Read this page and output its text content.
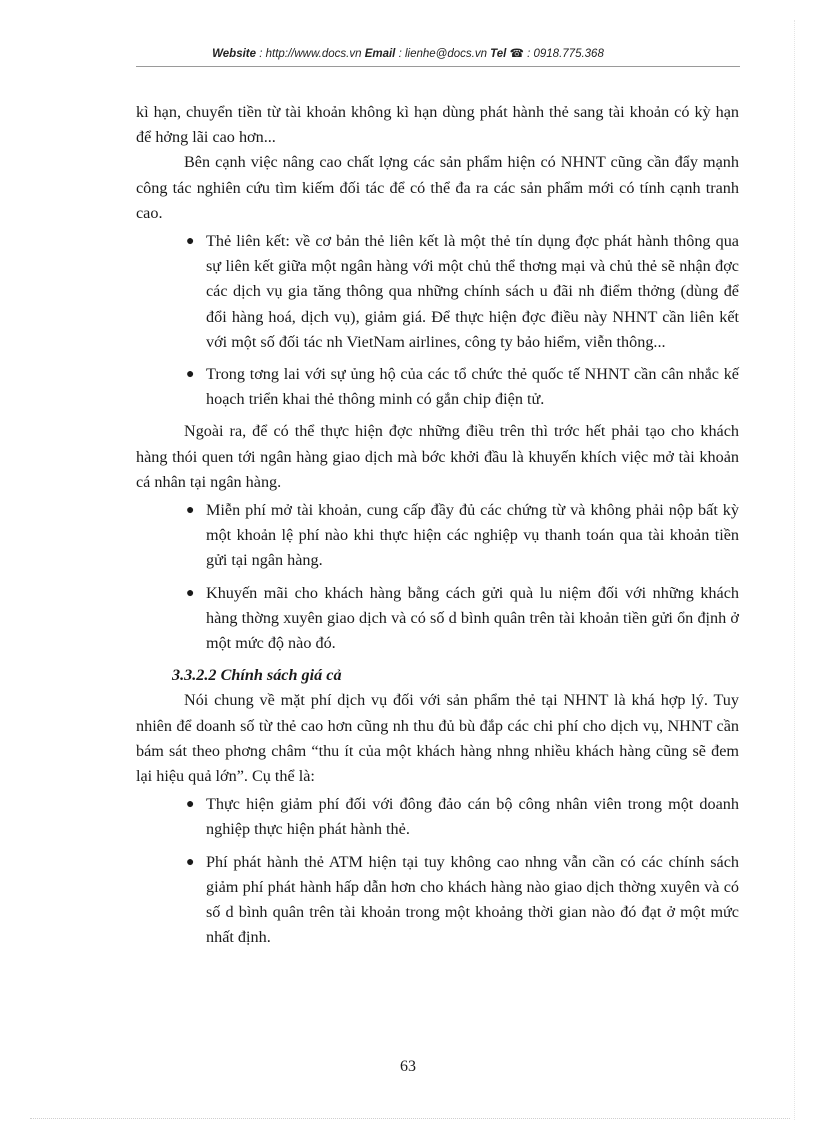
Website : http://www.docs.vn Email : lienhe@docs.vn Tel ☎ : 0918.775.368

kì hạn, chuyển tiền từ tài khoản không kì hạn dùng phát hành thẻ sang tài khoản có kỳ hạn để hởng lãi cao hơn...

Bên cạnh việc nâng cao chất lợng các sản phẩm hiện có NHNT cũng cần đẩy mạnh công tác nghiên cứu tìm kiếm đối tác để có thể đa ra các sản phẩm mới có tính cạnh tranh cao.

● Thẻ liên kết: về cơ bản thẻ liên kết là một thẻ tín dụng đợc phát hành thông qua sự liên kết giữa một ngân hàng với một chủ thể thơng mại và chủ thẻ sẽ nhận đợc các dịch vụ gia tăng thông qua những chính sách u đãi nh điểm thởng (dùng để đổi hàng hoá, dịch vụ), giảm giá. Để thực hiện đợc điều này NHNT cần liên kết với một số đối tác nh VietNam airlines, công ty bảo hiểm, viễn thông...
● Trong tơng lai với sự ủng hộ của các tổ chức thẻ quốc tế NHNT cần cân nhắc kế hoạch triển khai thẻ thông minh có gắn chip điện tử.

Ngoài ra, để có thể thực hiện đợc những điều trên thì trớc hết phải tạo cho khách hàng thói quen tới ngân hàng giao dịch mà bớc khởi đầu là khuyến khích việc mở tài khoản cá nhân tại ngân hàng.

● Miễn phí mở tài khoản, cung cấp đầy đủ các chứng từ và không phải nộp bất kỳ một khoản lệ phí nào khi thực hiện các nghiệp vụ thanh toán qua tài khoản tiền gửi tại ngân hàng.
● Khuyến mãi cho khách hàng bằng cách gửi quà lu niệm đối với những khách hàng thờng xuyên giao dịch và có số d bình quân trên tài khoản tiền gửi ổn định ở một mức độ nào đó.
3.3.2.2 Chính sách giá cả

Nói chung về mặt phí dịch vụ đối với sản phẩm thẻ tại NHNT là khá hợp lý. Tuy nhiên để doanh số từ thẻ cao hơn cũng nh thu đủ bù đắp các chi phí cho dịch vụ, NHNT cần bám sát theo phơng châm “thu ít của một khách hàng nhng nhiều khách hàng cũng sẽ đem lại hiệu quả lớn”. Cụ thể là:

● Thực hiện giảm phí đối với đông đảo cán bộ công nhân viên trong một doanh nghiệp thực hiện phát hành thẻ.
● Phí phát hành thẻ ATM hiện tại tuy không cao nhng vẫn cần có các chính sách giảm phí phát hành hấp dẫn hơn cho khách hàng nào giao dịch thờng xuyên và có số d bình quân trên tài khoản trong một khoảng thời gian nào đó đạt ở một mức nhất định.
63
